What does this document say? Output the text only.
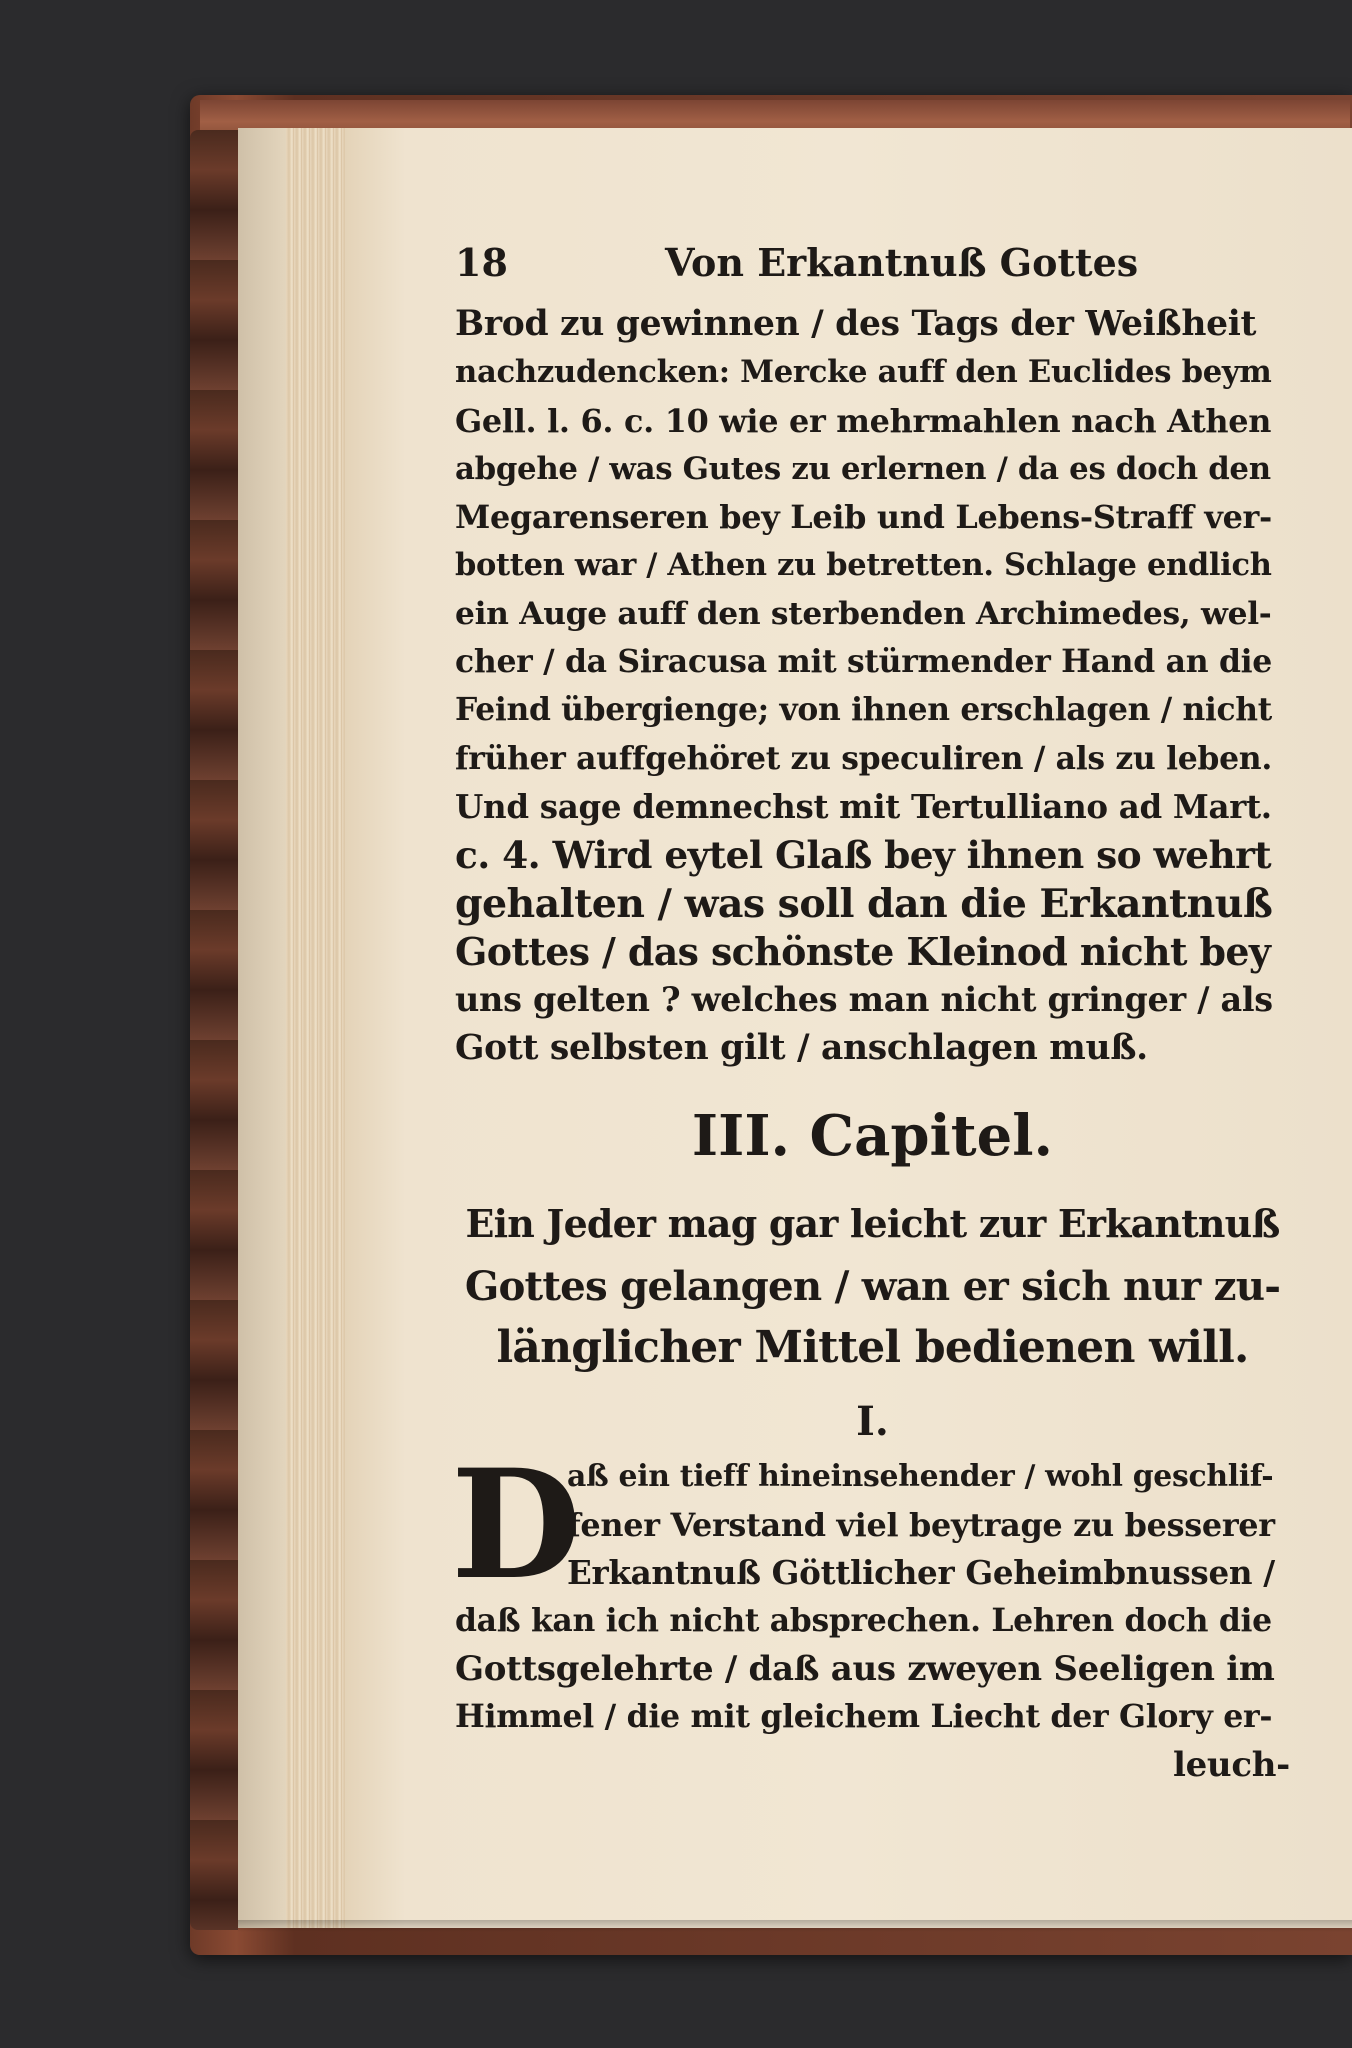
18	Von Erkantnuß Gottes
Brod zu gewinnen / des Tags der Weißheit
nachzudencken: Mercke auff den Euclides beym
Gell. l. 6. c. 10 wie er mehrmahlen nach Athen
abgehe / was Gutes zu erlernen / da es doch den
Megarenseren bey Leib und Lebens-Straff ver-
botten war / Athen zu betretten. Schlage endlich
ein Auge auff den sterbenden Archimedes, wel-
cher / da Siracusa mit stürmender Hand an die
Feind übergienge; von ihnen erschlagen / nicht
früher auffgehöret zu speculiren / als zu leben.
Und sage demnechst mit Tertulliano ad Mart.
c. 4. Wird eytel Glaß bey ihnen so wehrt
gehalten / was soll dan die Erkantnuß
Gottes / das schönste Kleinod nicht bey
uns gelten ? welches man nicht gringer / als
Gott selbsten gilt / anschlagen muß.
III. Capitel.
Ein Jeder mag gar leicht zur Erkantnuß
Gottes gelangen / wan er sich nur zu-
länglicher Mittel bedienen will.
I.
D
aß ein tieff hineinsehender / wohl geschlif-
fener Verstand viel beytrage zu besserer
Erkantnuß Göttlicher Geheimbnussen /
daß kan ich nicht absprechen. Lehren doch die
Gottsgelehrte / daß aus zweyen Seeligen im
Himmel / die mit gleichem Liecht der Glory er-
leuch-
